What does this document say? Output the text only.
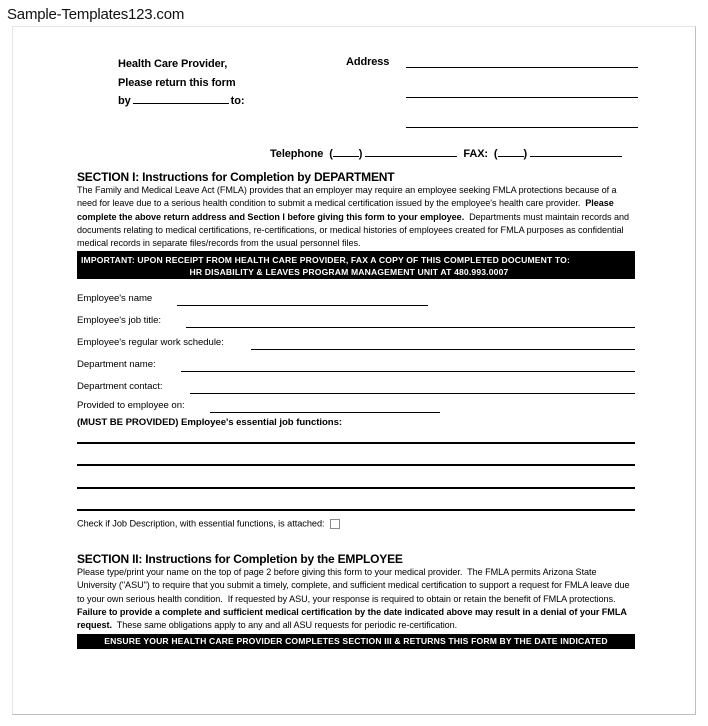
Sample-Templates123.com
Health Care Provider,
Please return this form
by	to:
Address
Telephone  ( )	FAX:  ( )
SECTION I: Instructions for Completion by DEPARTMENT
The Family and Medical Leave Act (FMLA) provides that an employer may require an employee seeking FMLA protections because of a need for leave due to a serious health condition to submit a medical certification issued by the employee's health care provider.  Please complete the above return address and Section I before giving this form to your employee.  Departments must maintain records and documents relating to medical certifications, re-certifications, or medical histories of employees created for FMLA purposes as confidential medical records in separate files/records from the usual personnel files.
IMPORTANT: UPON RECEIPT FROM HEALTH CARE PROVIDER, FAX A COPY OF THIS COMPLETED DOCUMENT TO:
HR DISABILITY & LEAVES PROGRAM MANAGEMENT UNIT AT 480.993.0007
Employee's name
Employee's job title:
Employee's regular work schedule:
Department name:
Department contact:
Provided to employee on:
(MUST BE PROVIDED) Employee's essential job functions:
Check if Job Description, with essential functions, is attached:
SECTION II: Instructions for Completion by the EMPLOYEE
Please type/print your name on the top of page 2 before giving this form to your medical provider.  The FMLA permits Arizona State University ("ASU") to require that you submit a timely, complete, and sufficient medical certification to support a request for FMLA leave due to your own serious health condition.  If requested by ASU, your response is required to obtain or retain the benefit of FMLA protections.  Failure to provide a complete and sufficient medical certification by the date indicated above may result in a denial of your FMLA request.  These same obligations apply to any and all ASU requests for periodic re-certification.
ENSURE YOUR HEALTH CARE PROVIDER COMPLETES SECTION III & RETURNS THIS FORM BY THE DATE INDICATED
